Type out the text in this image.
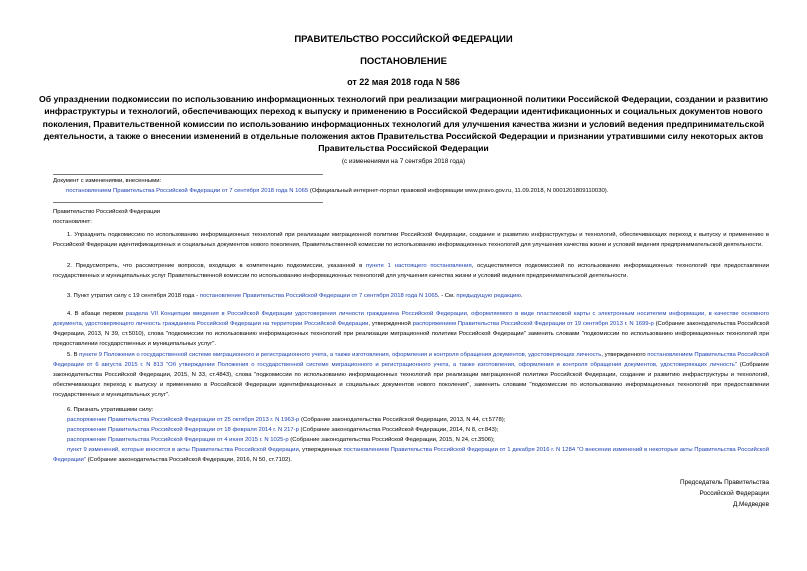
ПРАВИТЕЛЬСТВО РОССИЙСКОЙ ФЕДЕРАЦИИ
ПОСТАНОВЛЕНИЕ
от 22 мая 2018 года N 586
Об упразднении подкомиссии по использованию информационных технологий при реализации миграционной политики Российской Федерации, создании и развитию инфраструктуры и технологий, обеспечивающих переход к выпуску и применению в Российской Федерации идентификационных и социальных документов нового поколения, Правительственной комиссии по использованию информационных технологий для улучшения качества жизни и условий ведения предпринимательской деятельности, а также о внесении изменений в отдельные положения актов Правительства Российской Федерации и признании утратившими силу некоторых актов Правительства Российской Федерации
(с изменениями на 7 сентября 2018 года)
Документ с изменениями, внесенными:
постановлением Правительства Российской Федерации от 7 сентября 2018 года N 1065 (Официальный интернет-портал правовой информации www.pravo.gov.ru, 11.09.2018, N 0001201809110030).
Правительство Российской Федерации
постановляет:
1. Упразднить подкомиссию по использованию информационных технологий при реализации миграционной политики Российской Федерации, создание и развитию инфраструктуры и технологий, обеспечивающих переход к выпуску и применению в Российской Федерации идентификационных и социальных документов нового поколения, Правительственной комиссии по использованию информационных технологий для улучшения качества жизни и условий ведения предпринимательской деятельности.
2. Предусмотреть, что рассмотрение вопросов, входящих в компетенцию подкомиссии, указанной в пункте 1 настоящего постановления, осуществляется подкомиссией по использованию информационных технологий при предоставлении государственных и муниципальных услуг Правительственной комиссии по использованию информационных технологий для улучшения качества жизни и условий ведения предпринимательской деятельности.
3. Пункт утратил силу с 19 сентября 2018 года - постановление Правительства Российской Федерации от 7 сентября 2018 года N 1065. - См. предыдущую редакцию.
4. В абзаце первом раздела VII Концепции введения в Российской Федерации удостоверения личности гражданина Российской Федерации, оформляемого в виде пластиковой карты с электронным носителем информации, в качестве основного документа, удостоверяющего личность гражданина Российской Федерации на территории Российской Федерации, утвержденной распоряжением Правительства Российской Федерации от 19 сентября 2013 г. N 1699-р (Собрание законодательства Российской Федерации, 2013, N 39, ст.5010), слова "подкомиссии по использованию информационных технологий при реализации миграционной политики Российской Федерации" заменить словами "подкомиссии по использованию информационных технологий при предоставлении государственных и муниципальных услуг".
5. В пункте 9 Положения о государственной системе миграционного и регистрационного учета, а также изготовления, оформления и контроля обращения документов, удостоверяющих личность, утвержденного постановлением Правительства Российской Федерации от 6 августа 2015 г. N 813 "Об утверждении Положения о государственной системе миграционного и регистрационного учета, а также изготовления, оформления и контроля обращения документов, удостоверяющих личность" (Собрание законодательства Российской Федерации, 2015, N 33, ст.4843), слова "подкомиссии по использованию информационных технологий при реализации миграционной политики Российской Федерации, создание и развитию инфраструктуры и технологий, обеспечивающих переход к выпуску и применению в Российской Федерации идентификационных и социальных документов нового поколения", заменить словами "подкомиссии по использованию информационных технологий при предоставлении государственных и муниципальных услуг".
6. Признать утратившими силу:
распоряжение Правительства Российской Федерации от 25 октября 2013 г. N 1963-р (Собрание законодательства Российской Федерации, 2013, N 44, ст.5778);
распоряжение Правительства Российской Федерации от 18 февраля 2014 г. N 217-р (Собрание законодательства Российской Федерации, 2014, N 8, ст.843);
распоряжение Правительства Российской Федерации от 4 июня 2015 г. N 1025-р (Собрание законодательства Российской Федерации, 2015, N 24, ст.3506);
пункт 9 изменений, которые вносятся в акты Правительства Российской Федерации, утвержденных постановлением Правительства Российской Федерации от 1 декабря 2016 г. N 1284 "О внесении изменений в некоторые акты Правительства Российской Федерации" (Собрание законодательства Российской Федерации, 2016, N 50, ст.7102).
Председатель Правительства
Российской Федерации
Д.Медведев
